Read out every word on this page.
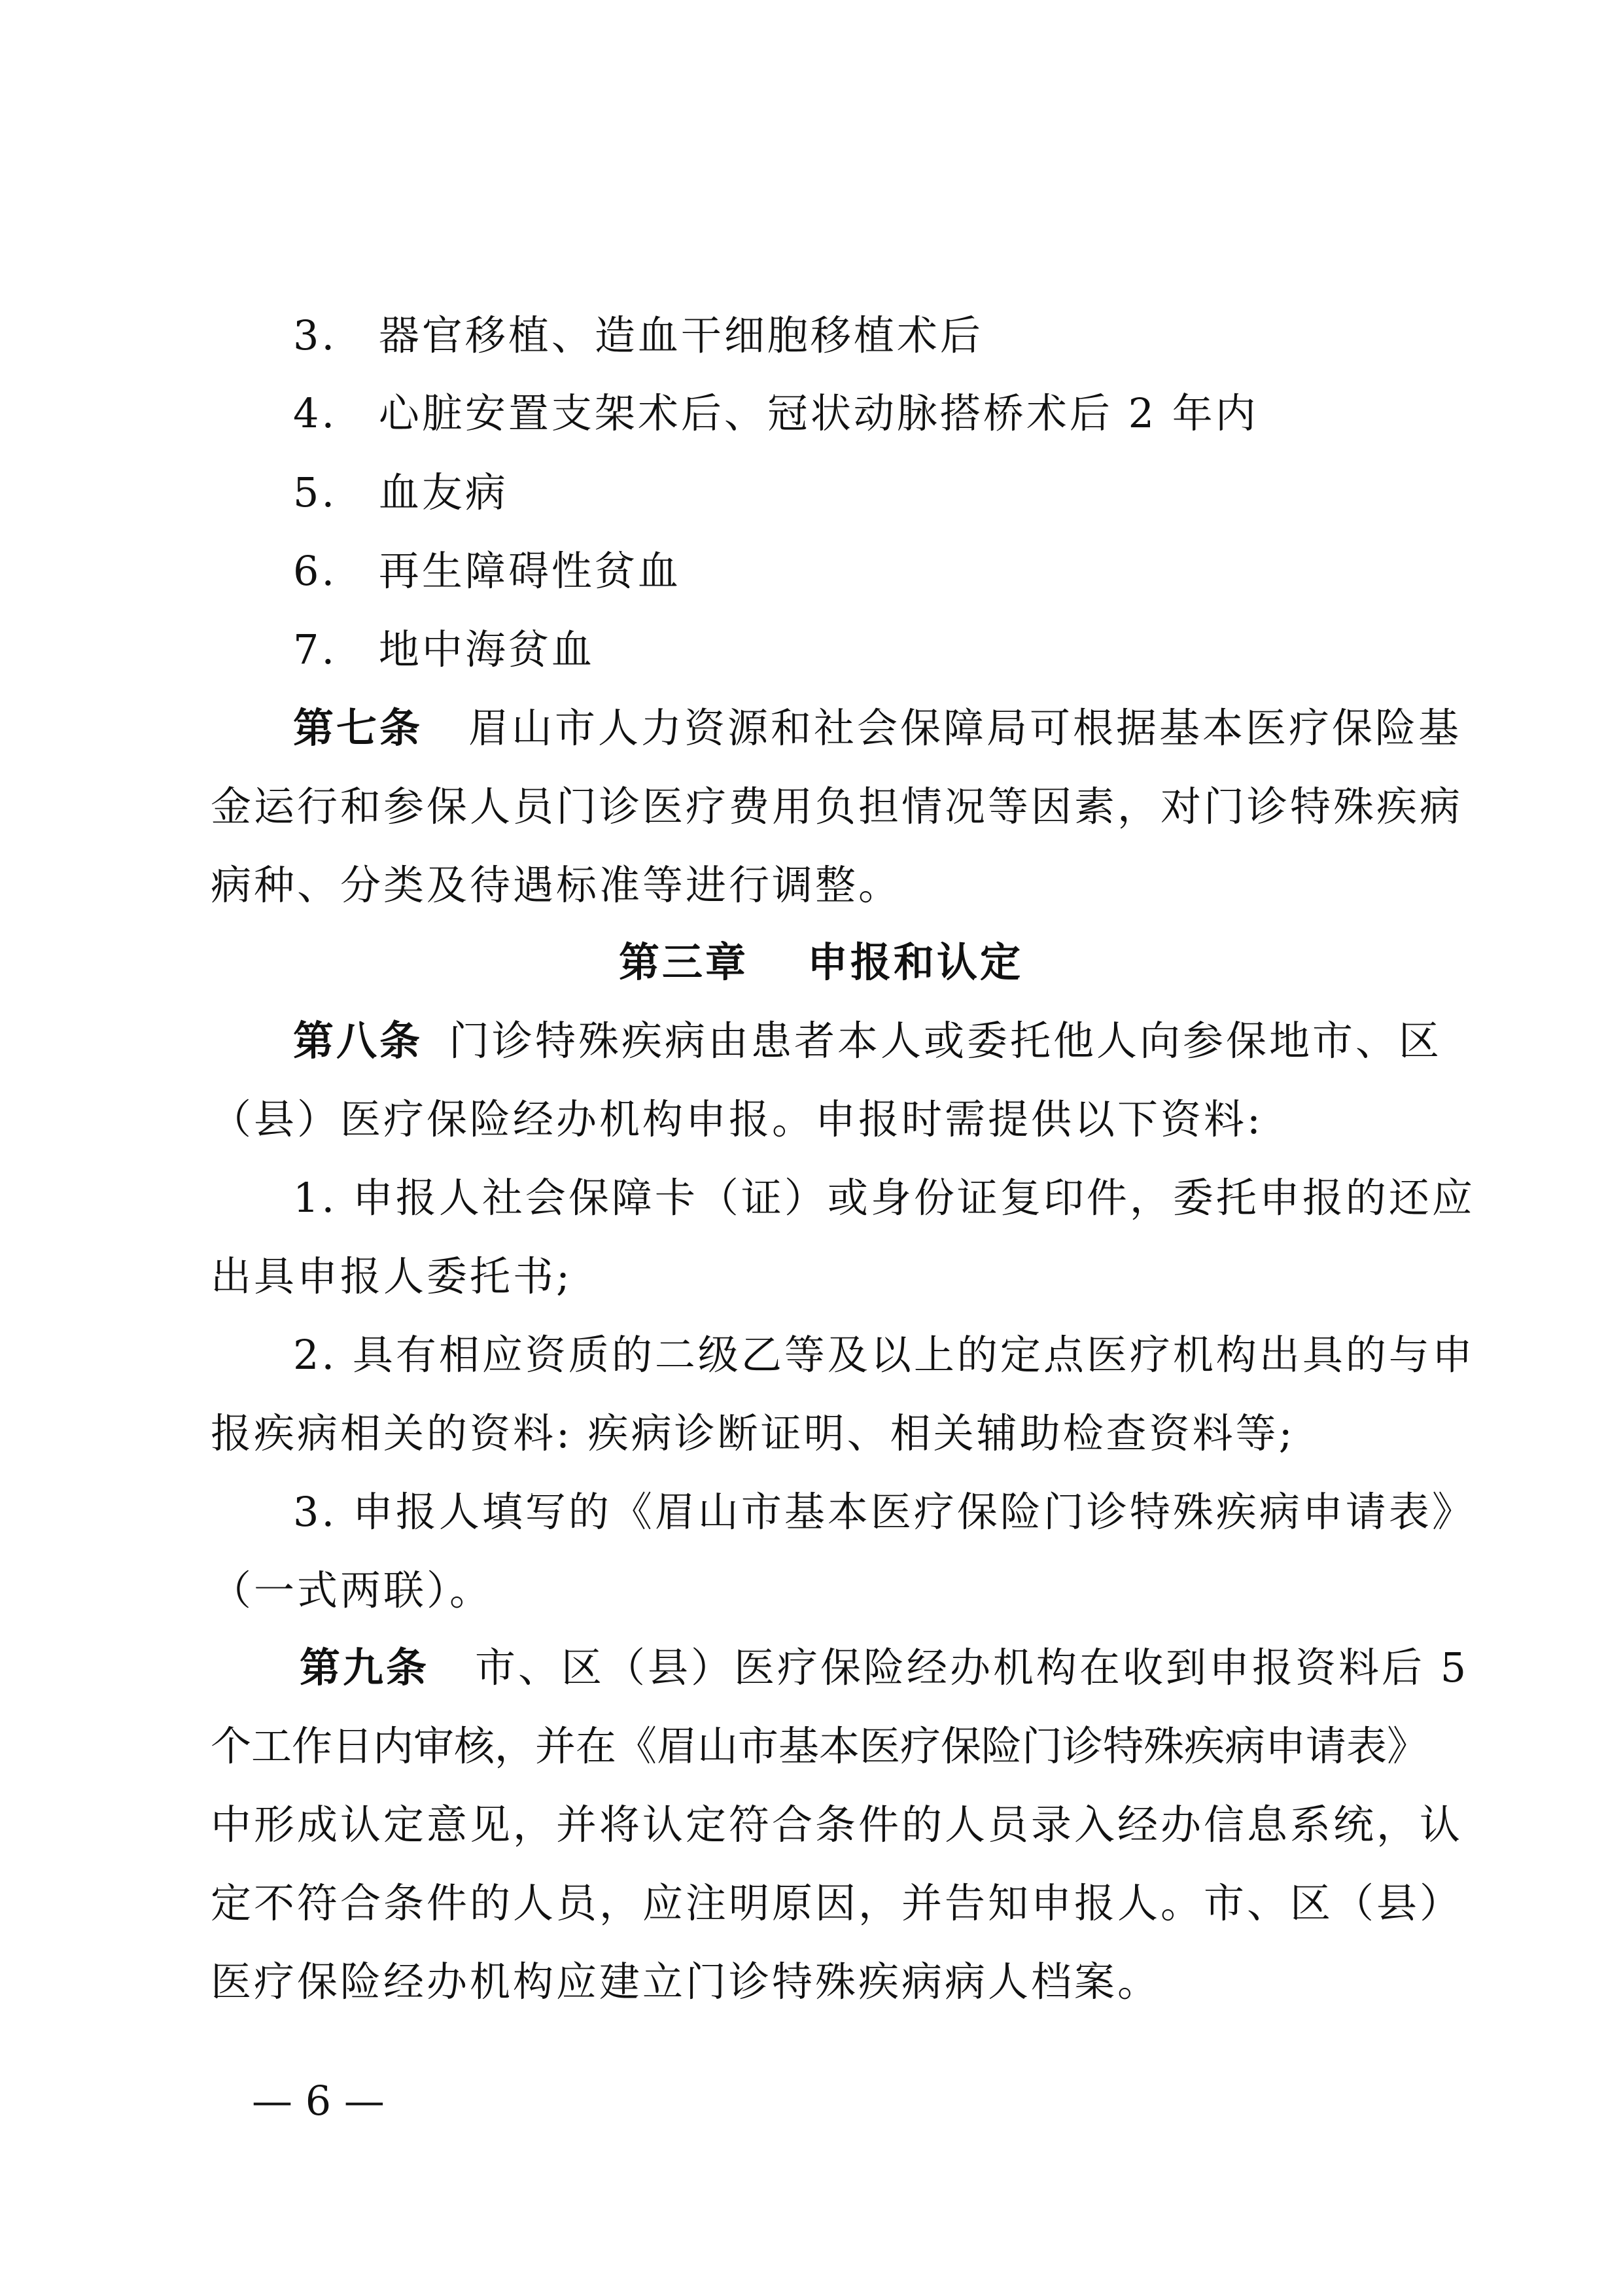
3. 器官移植、造血干细胞移植术后
4. 心脏安置支架术后、冠状动脉搭桥术后 2 年内
5. 血友病
6. 再生障碍性贫血
7. 地中海贫血
第七条 眉山市人力资源和社会保障局可根据基本医疗保险基
金运行和参保人员门诊医疗费用负担情况等因素，对门诊特殊疾病
病种、分类及待遇标准等进行调整。
第三章 申报和认定
第八条 门诊特殊疾病由患者本人或委托他人向参保地市、区
（县）医疗保险经办机构申报。申报时需提供以下资料:
1. 申报人社会保障卡（证）或身份证复印件，委托申报的还应
出具申报人委托书;
2. 具有相应资质的二级乙等及以上的定点医疗机构出具的与申
报疾病相关的资料: 疾病诊断证明、相关辅助检查资料等;
3. 申报人填写的《眉山市基本医疗保险门诊特殊疾病申请表》
（一式两联）。
第九条 市、区（县）医疗保险经办机构在收到申报资料后 5
个工作日内审核，并在《眉山市基本医疗保险门诊特殊疾病申请表》
中形成认定意见，并将认定符合条件的人员录入经办信息系统，认
定不符合条件的人员，应注明原因，并告知申报人。市、区（县）
医疗保险经办机构应建立门诊特殊疾病病人档案。
— 6 —
